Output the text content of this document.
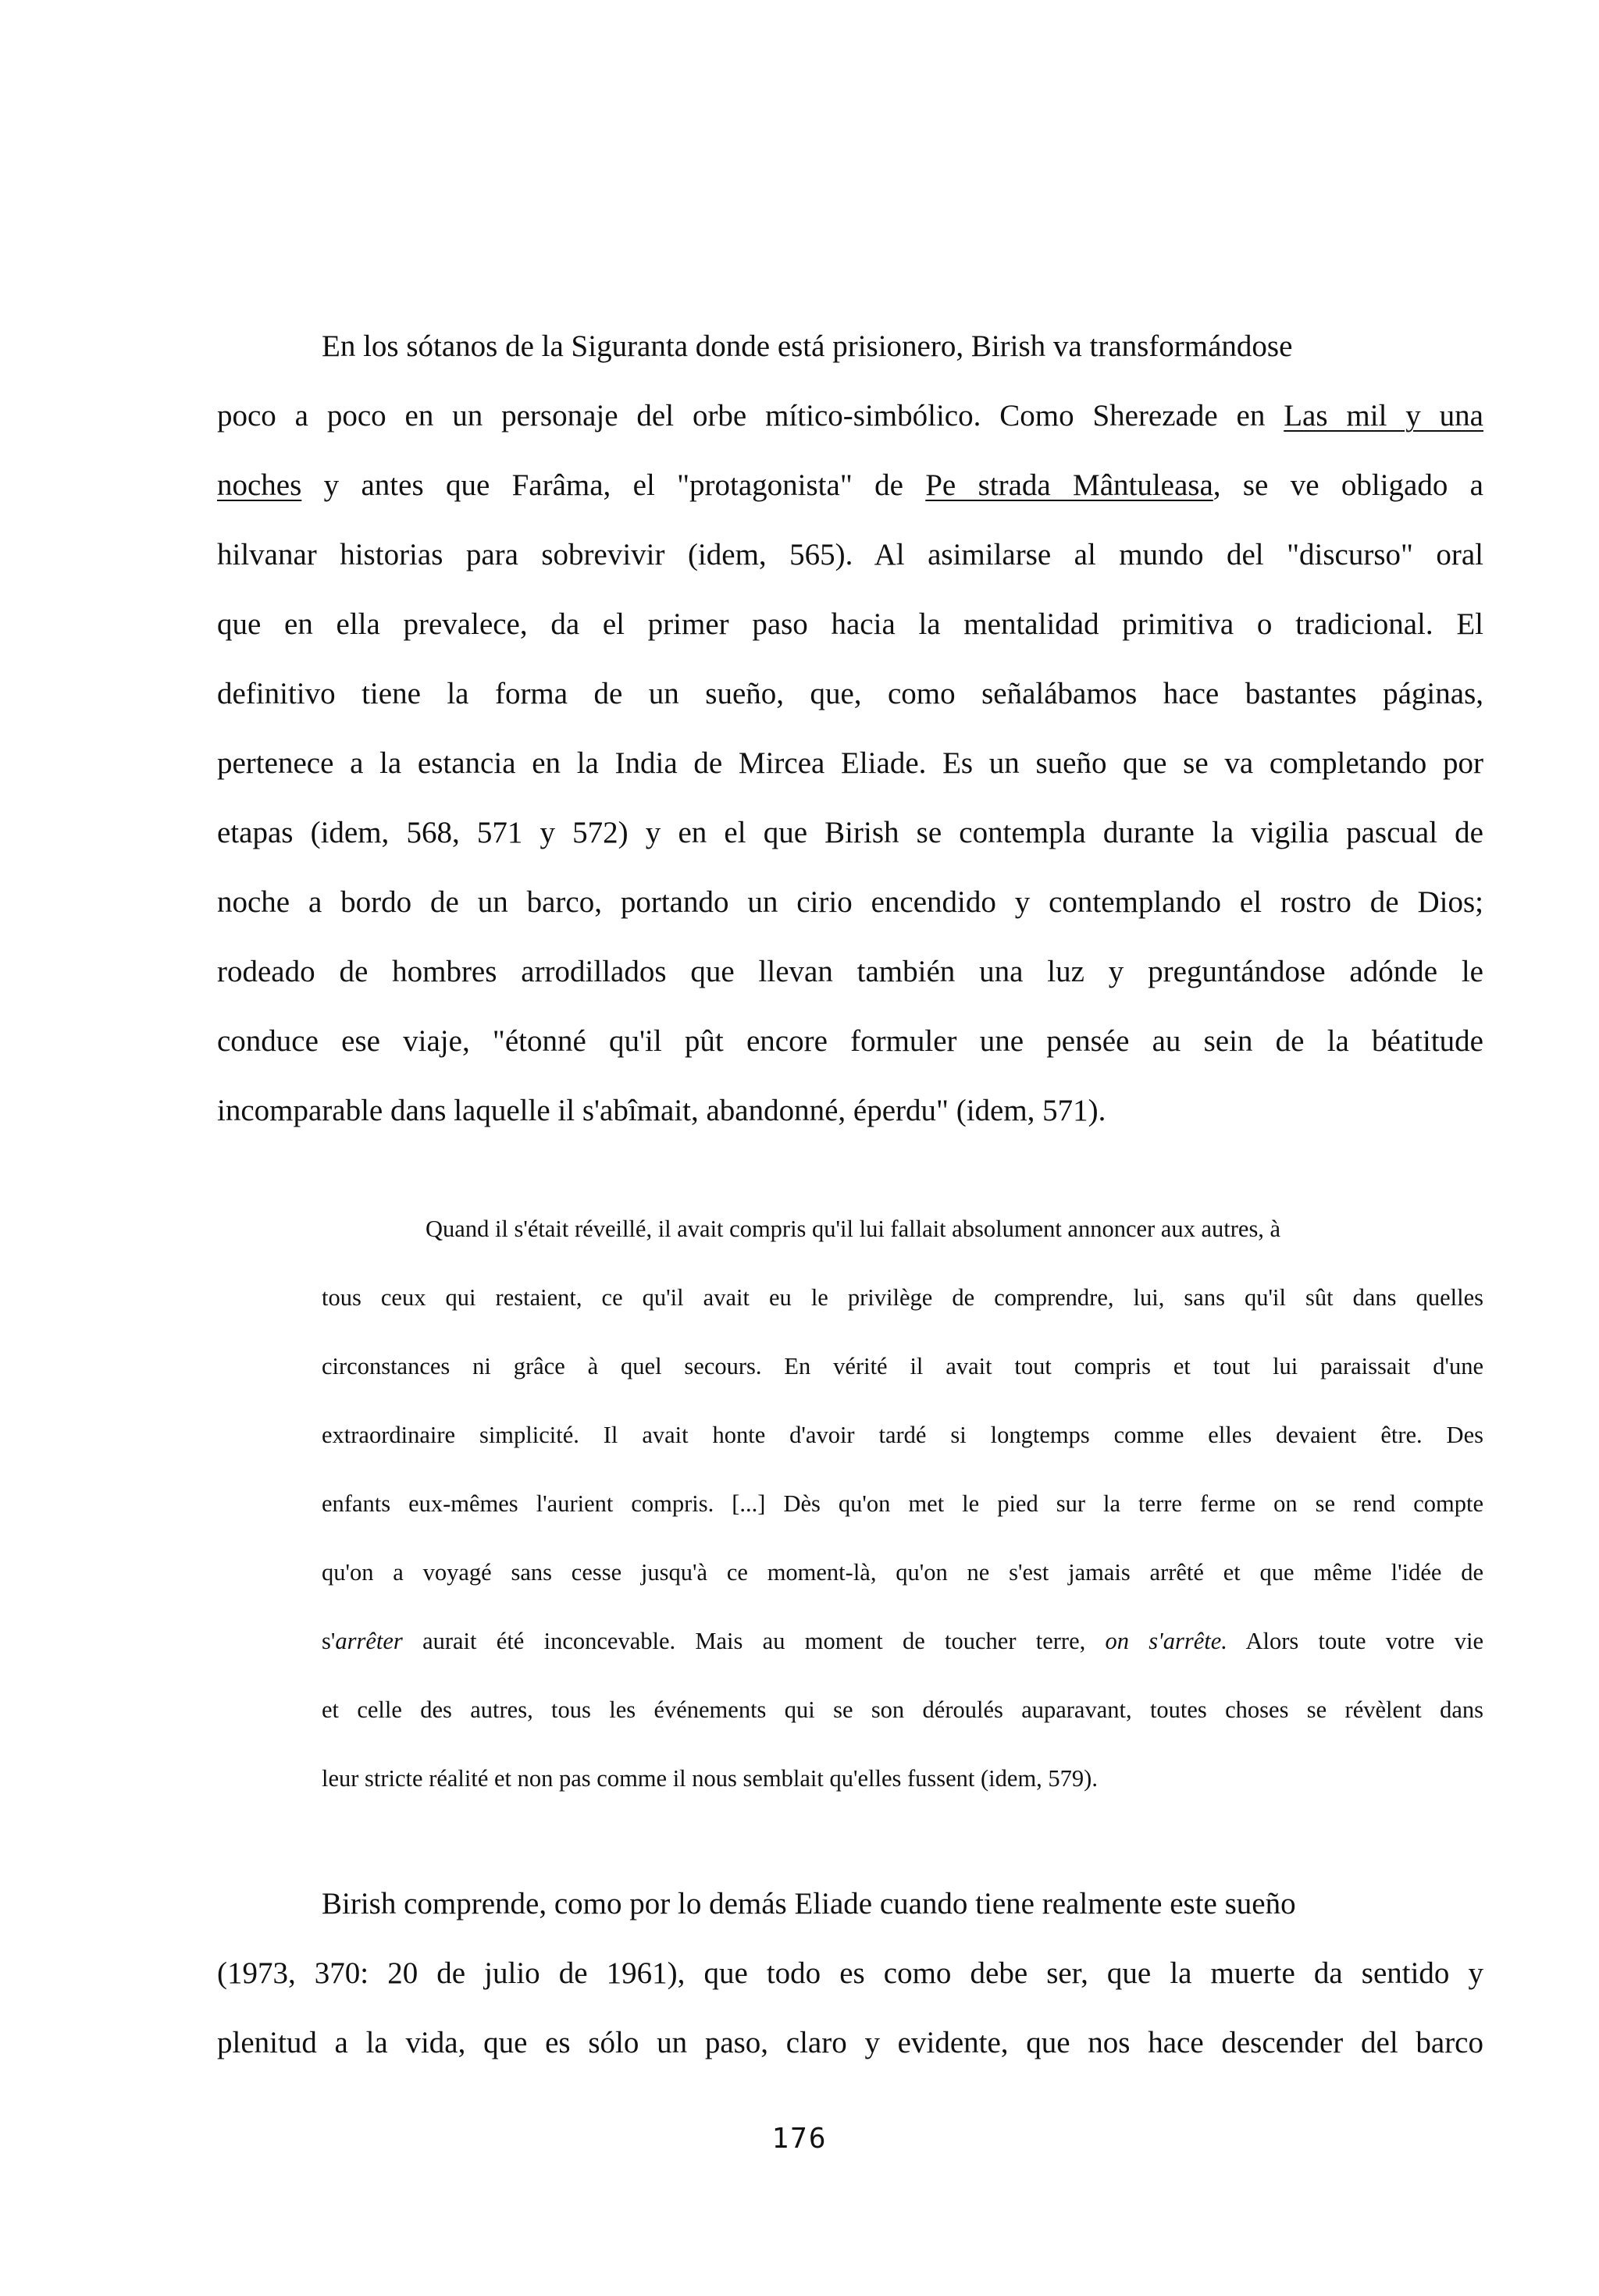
En los sótanos de la Siguranta donde está prisionero, Birish va transformándose

poco a poco en un personaje del orbe mítico-simbólico. Como Sherezade en Las mil y una

noches y antes que Farâma, el "protagonista" de Pe strada Mântuleasa, se ve obligado a

hilvanar historias para sobrevivir (idem, 565). Al asimilarse al mundo del "discurso" oral

que en ella prevalece, da el primer paso hacia la mentalidad primitiva o tradicional. El

definitivo tiene la forma de un sueño, que, como señalábamos hace bastantes páginas,

pertenece a la estancia en la India de Mircea Eliade. Es un sueño que se va completando por

etapas (idem, 568, 571 y 572) y en el que Birish se contempla durante la vigilia pascual de

noche a bordo de un barco, portando un cirio encendido y contemplando el rostro de Dios;

rodeado de hombres arrodillados que llevan también una luz y preguntándose adónde le

conduce ese viaje, "étonné qu'il pût encore formuler une pensée au sein de la béatitude

incomparable dans laquelle il s'abîmait, abandonné, éperdu" (idem, 571).

Quand il s'était réveillé, il avait compris qu'il lui fallait absolument annoncer aux autres, à

tous ceux qui restaient, ce qu'il avait eu le privilège de comprendre, lui, sans qu'il sût dans quelles

circonstances ni grâce à quel secours. En vérité il avait tout compris et tout lui paraissait d'une

extraordinaire simplicité. Il avait honte d'avoir tardé si longtemps comme elles devaient être. Des

enfants eux-mêmes l'aurient compris. [...] Dès qu'on met le pied sur la terre ferme on se rend compte

qu'on a voyagé sans cesse jusqu'à ce moment-là, qu'on ne s'est jamais arrêté et que même l'idée de

s'arrêter aurait été inconcevable. Mais au moment de toucher terre, on s'arrête. Alors toute votre vie

et celle des autres, tous les événements qui se son déroulés auparavant, toutes choses se révèlent dans

leur stricte réalité et non pas comme il nous semblait qu'elles fussent (idem, 579).

Birish comprende, como por lo demás Eliade cuando tiene realmente este sueño

(1973, 370: 20 de julio de 1961), que todo es como debe ser, que la muerte da sentido y

plenitud a la vida, que es sólo un paso, claro y evidente, que nos hace descender del barco

176
